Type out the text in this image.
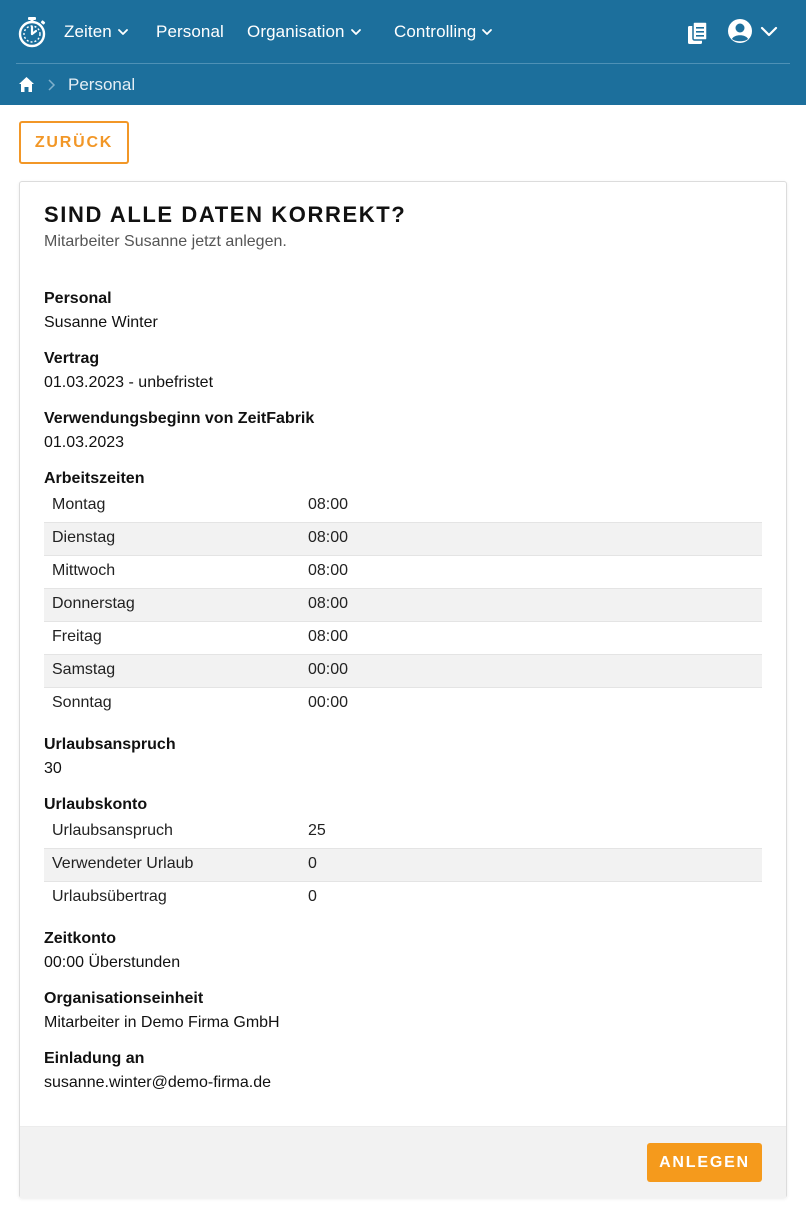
Zeiten	Personal Organisation	Controlling
Personal
ZURÜCK
SIND ALLE DATEN KORREKT?
Mitarbeiter Susanne jetzt anlegen.
Personal
Susanne Winter
Vertrag
01.03.2023 - unbefristet
Verwendungsbeginn von ZeitFabrik
01.03.2023
Arbeitszeiten
Montag	08:00
Dienstag	08:00
Mittwoch	08:00
Donnerstag	08:00
Freitag	08:00
Samstag	00:00
Sonntag	00:00
Urlaubsanspruch
30
Urlaubskonto
Urlaubsanspruch	25
Verwendeter Urlaub	0
Urlaubsübertrag	0
Zeitkonto
00:00 Überstunden
Organisationseinheit
Mitarbeiter in Demo Firma GmbH
Einladung an
susanne.winter@demo-firma.de
ANLEGEN
